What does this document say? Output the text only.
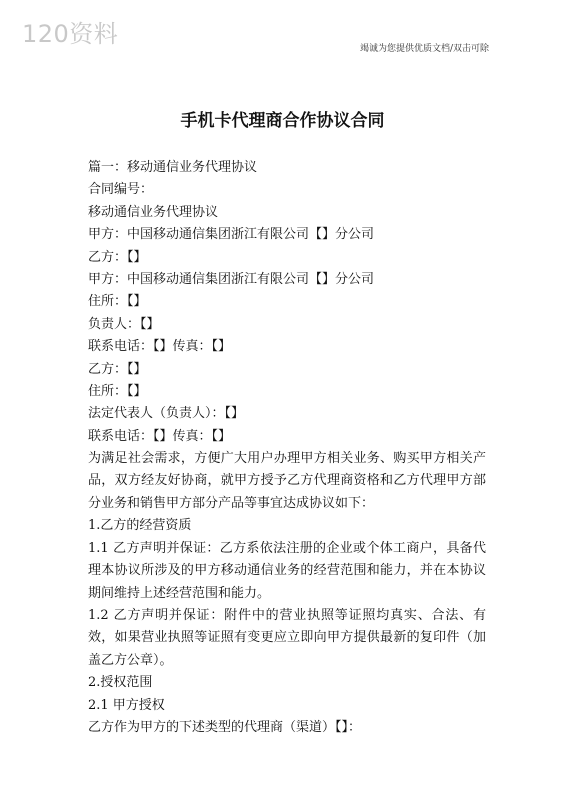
120资料
竭诚为您提供优质文档/双击可除
手机卡代理商合作协议合同
篇一：移动通信业务代理协议
合同编号：
移动通信业务代理协议
甲方：中国移动通信集团浙江有限公司【】分公司
乙方：【】
甲方：中国移动通信集团浙江有限公司【】分公司
住所：【】
负责人：【】
联系电话：【】传真：【】
乙方：【】
住所：【】
法定代表人（负责人）：【】
联系电话：【】传真：【】
为满足社会需求，方便广大用户办理甲方相关业务、购买甲方相关产品，双方经友好协商，就甲方授予乙方代理商资格和乙方代理甲方部分业务和销售甲方部分产品等事宜达成协议如下：
1.乙方的经营资质
1.1 乙方声明并保证：乙方系依法注册的企业或个体工商户，具备代理本协议所涉及的甲方移动通信业务的经营范围和能力，并在本协议期间维持上述经营范围和能力。
1.2 乙方声明并保证：附件中的营业执照等证照均真实、合法、有效，如果营业执照等证照有变更应立即向甲方提供最新的复印件（加盖乙方公章）。
2.授权范围
2.1 甲方授权
乙方作为甲方的下述类型的代理商（渠道）【】：
